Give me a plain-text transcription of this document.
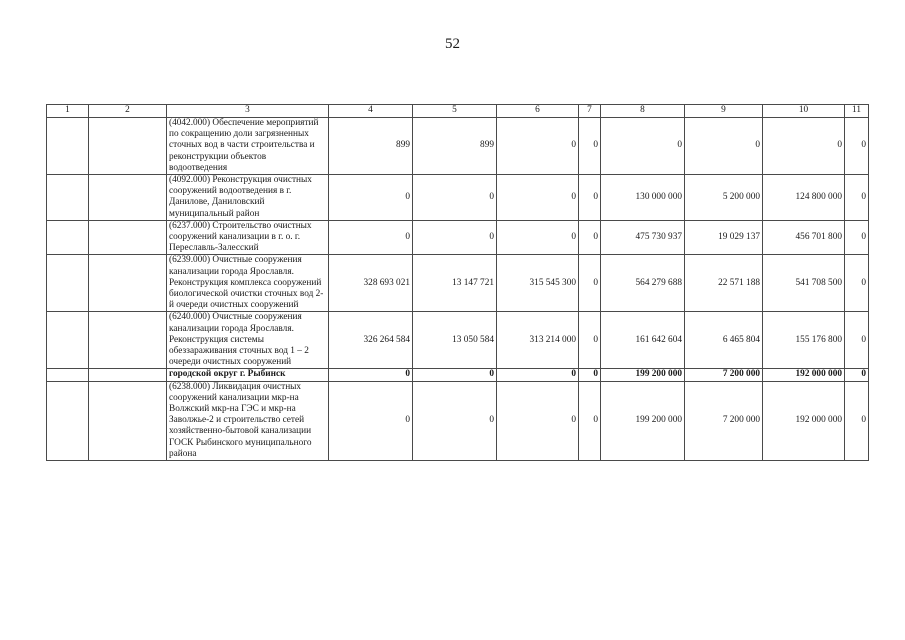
52
1	2	3	4	5	6	7	8	9	10	11
		(4042.000) Обеспечение мероприятий по сокращению доли загрязненных сточных вод в части строительства и реконструкции объектов водоотведения	899	899	0	0	0	0	0	0
		(4092.000) Реконструкция очистных сооружений водоотведения в г. Данилове, Даниловский муниципальный район	0	0	0	0	130 000 000	5 200 000	124 800 000	0
		(6237.000) Строительство очистных сооружений канализации в г. о. г. Переславль-Залесский	0	0	0	0	475 730 937	19 029 137	456 701 800	0
		(6239.000) Очистные сооружения канализации города Ярославля. Реконструкция комплекса сооружений биологической очистки сточных вод 2-й очереди очистных сооружений	328 693 021	13 147 721	315 545 300	0	564 279 688	22 571 188	541 708 500	0
		(6240.000) Очистные сооружения канализации города Ярославля. Реконструкция системы обеззараживания сточных вод 1 – 2 очереди очистных сооружений	326 264 584	13 050 584	313 214 000	0	161 642 604	6 465 804	155 176 800	0
		городской округ г. Рыбинск	0	0	0	0	199 200 000	7 200 000	192 000 000	0
		(6238.000) Ликвидация очистных сооружений канализации мкр-на Волжский мкр-на ГЭС и мкр-на Заволжье-2 и строительство сетей хозяйственно-бытовой канализации ГОСК Рыбинского муниципального района	0	0	0	0	199 200 000	7 200 000	192 000 000	0
